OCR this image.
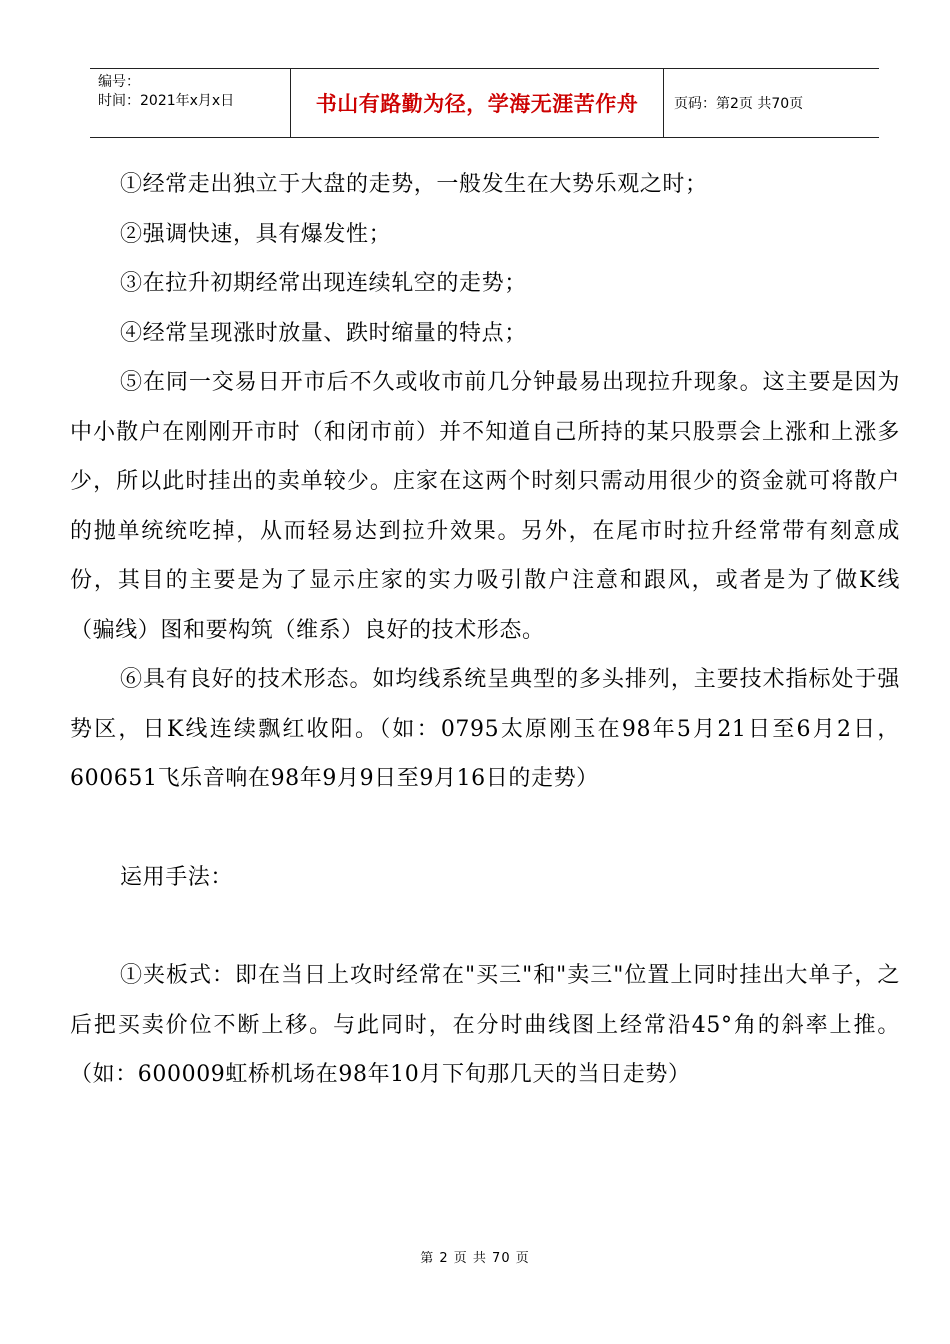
编号：
时间：2021年x月x日	书山有路勤为径，学海无涯苦作舟	页码：第2页 共70页

①经常走出独立于大盘的走势，一般发生在大势乐观之时；

②强调快速，具有爆发性；

③在拉升初期经常出现连续轧空的走势；

④经常呈现涨时放量、跌时缩量的特点；

⑤在同一交易日开市后不久或收市前几分钟最易出现拉升现象。这主要是因为中小散户在刚刚开市时（和闭市前）并不知道自己所持的某只股票会上涨和上涨多少，所以此时挂出的卖单较少。庄家在这两个时刻只需动用很少的资金就可将散户的抛单统统吃掉，从而轻易达到拉升效果。另外，在尾市时拉升经常带有刻意成份，其目的主要是为了显示庄家的实力吸引散户注意和跟风，或者是为了做K线（骗线）图和要构筑（维系）良好的技术形态。

⑥具有良好的技术形态。如均线系统呈典型的多头排列，主要技术指标处于强势区，日K线连续飘红收阳。（如：0795太原刚玉在98年5月21日至6月2日，600651飞乐音响在98年9月9日至9月16日的走势）

运用手法：

①夹板式：即在当日上攻时经常在"买三"和"卖三"位置上同时挂出大单子，之后把买卖价位不断上移。与此同时，在分时曲线图上经常沿45°角的斜率上推。（如：600009虹桥机场在98年10月下旬那几天的当日走势）

第 2 页 共 70 页
